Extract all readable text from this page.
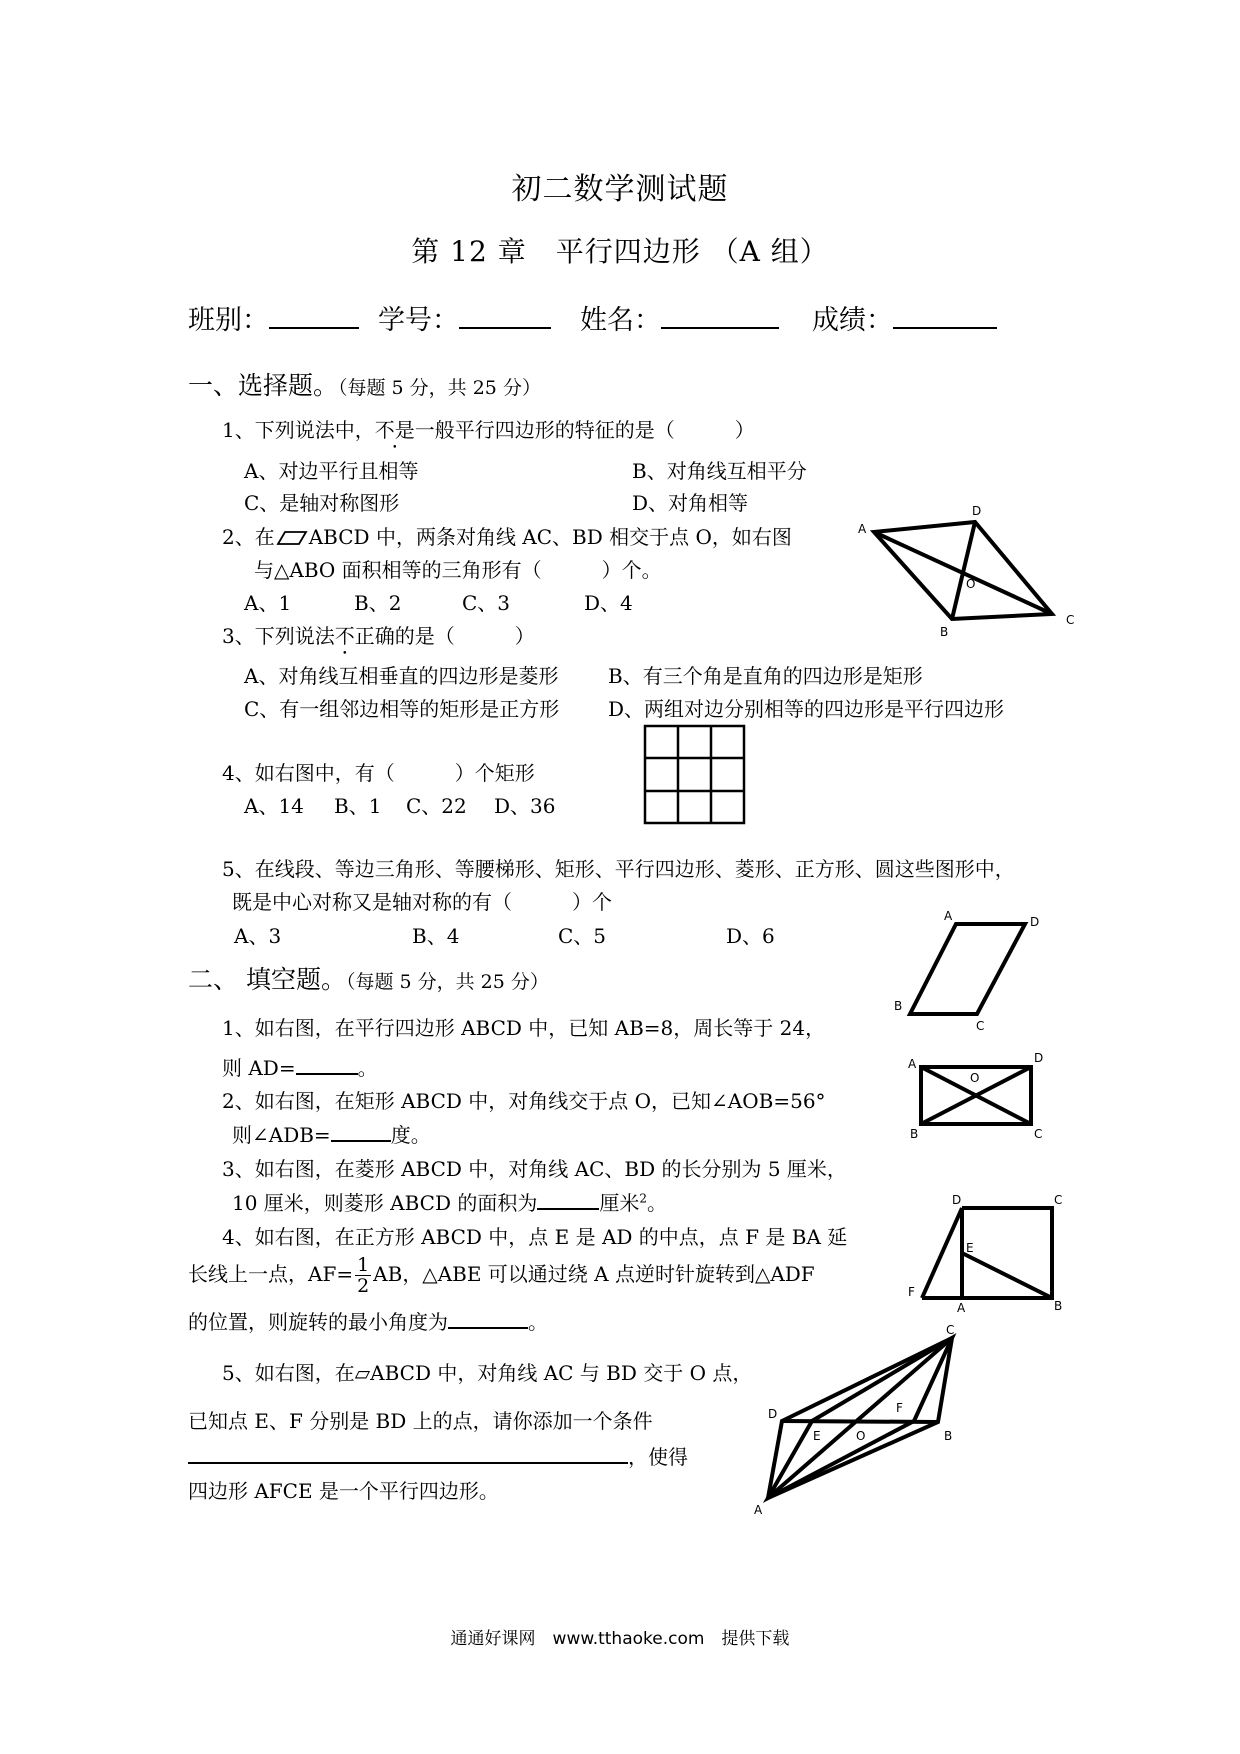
初二数学测试题
第 12 章　平行四边形 （A 组）
班别：	学号：	姓名：	成绩：
一、选择题。（每题 5 分，共 25 分）
1、下列说法中，不是一般平行四边形的特征的是（　　　）
A、对边平行且相等	B、对角线互相平分
C、是轴对称图形	D、对角相等
2、在 ABCD 中，两条对角线 AC、BD 相交于点 O，如右图
与△ABO 面积相等的三角形有（　　　）个。
A、1	B、2	C、3	D、4
A
D
O
C
B
3、下列说法不正确的是（　　　）
A、对角线互相垂直的四边形是菱形 B、有三个角是直角的四边形是矩形
C、有一组邻边相等的矩形是正方形 D、两组对边分别相等的四边形是平行四边形
4、如右图中，有（　　　）个矩形
A、14 B、1 C、22 D、36
5、在线段、等边三角形、等腰梯形、矩形、平行四边形、菱形、正方形、圆这些图形中，
既是中心对称又是轴对称的有（　　　）个
A、3	B、4	C、5	D、6
二、 填空题。（每题 5 分，共 25 分）
1、如右图，在平行四边形 ABCD 中，已知 AB=8，周长等于 24，
则 AD=	。
A	D
B
C
2、如右图，在矩形 ABCD 中，对角线交于点 O，已知∠AOB=56°
则∠ADB=	度。
A	D
O
B	C
3、如右图，在菱形 ABCD 中，对角线 AC、BD 的长分别为 5 厘米，
10 厘米，则菱形 ABCD 的面积为	厘米$^2$。
4、如右图，在正方形 ABCD 中，点 E 是 AD 的中点，点 F 是 BA 延
长线上一点，$AF= \frac{1}{2}$ AB，△ABE 可以通过绕 A 点逆时针旋转到△ADF
的位置，则旋转的最小角度为	。
D	C
E
F
A	B
5、如右图，在▱ABCD 中，对角线 AC 与 BD 交于 O 点，
已知点 E、F 分别是 BD 上的点，请你添加一个条件
，使得
四边形 AFCE 是一个平行四边形。
C
D
E	O
F
B
A
通通好课网　www.tthaoke.com　提供下载
